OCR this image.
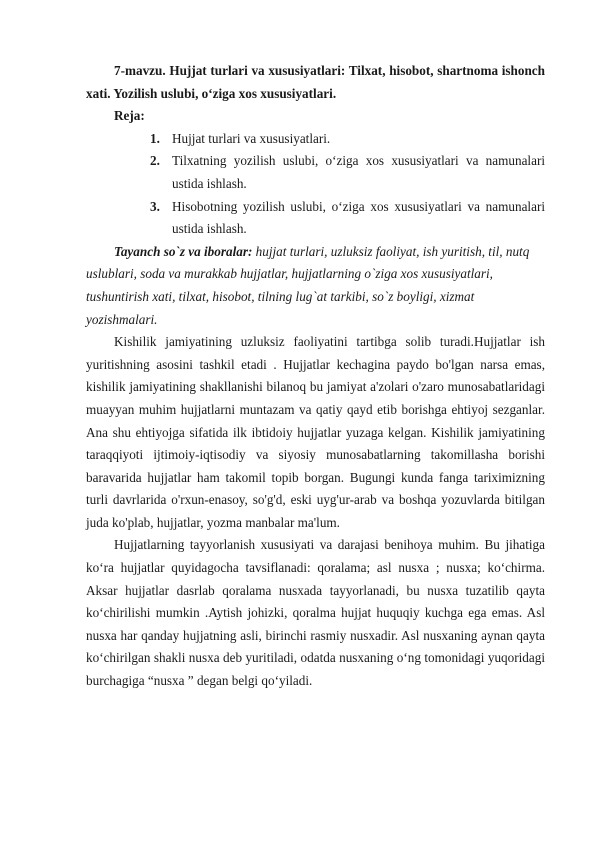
7-mavzu. Hujjat turlari va xususiyatlari: Tilxat, hisobot, shartnoma ishonch xati. Yozilish uslubi, o‘ziga xos xususiyatlari.

Reja:

1. Hujjat turlari va xususiyatlari.
2. Tilxatning yozilish uslubi, o‘ziga xos xususiyatlari va namunalari ustida ishlash.
3. Hisobotning yozilish uslubi, o‘ziga xos xususiyatlari va namunalari ustida ishlash.

Tayanch so`z va iboralar: hujjat turlari, uzluksiz faoliyat, ish yuritish, til, nutq uslublari, soda va murakkab hujjatlar, hujjatlarning o`ziga xos xususiyatlari, tushuntirish xati, tilxat, hisobot, tilning lug`at tarkibi, so`z boyligi, xizmat yozishmalari.

Kishilik jamiyatining uzluksiz faoliyatini tartibga solib turadi.Hujjatlar ish yuritishning asosini tashkil etadi . Hujjatlar kechagina paydo bo'lgan narsa emas, kishilik jamiyatining shakllanishi bilanoq bu jamiyat a'zolari o'zaro munosabatlaridagi muayyan muhim hujjatlarni muntazam va qatiy qayd etib borishga ehtiyoj sezganlar. Ana shu ehtiyojga sifatida ilk ibtidoiy hujjatlar yuzaga kelgan. Kishilik jamiyatining taraqqiyoti ijtimoiy-iqtisodiy va siyosiy munosabatlarning takomillasha borishi baravarida hujjatlar ham takomil topib borgan. Bugungi kunda fanga tariximizning turli davrlarida o'rxun-enasoy, so'g'd, eski uyg'ur-arab va boshqa yozuvlarda bitilgan juda ko'plab, hujjatlar, yozma manbalar ma'lum.

Hujjatlarning tayyorlanish xususiyati va darajasi benihoya muhim. Bu jihatiga ko‘ra hujjatlar quyidagocha tavsiflanadi: qoralama; asl nusxa ; nusxa; ko‘chirma. Aksar hujjatlar dasrlab qoralama nusxada tayyorlanadi, bu nusxa tuzatilib qayta ko‘chirilishi mumkin .Aytish johizki, qoralma hujjat huquqiy kuchga ega emas. Asl nusxa har qanday hujjatning asli, birinchi rasmiy nusxadir. Asl nusxaning aynan qayta ko‘chirilgan shakli nusxa deb yuritiladi, odatda nusxaning o‘ng tomonidagi yuqoridagi burchagiga “nusxa ” degan belgi qo‘yiladi.
